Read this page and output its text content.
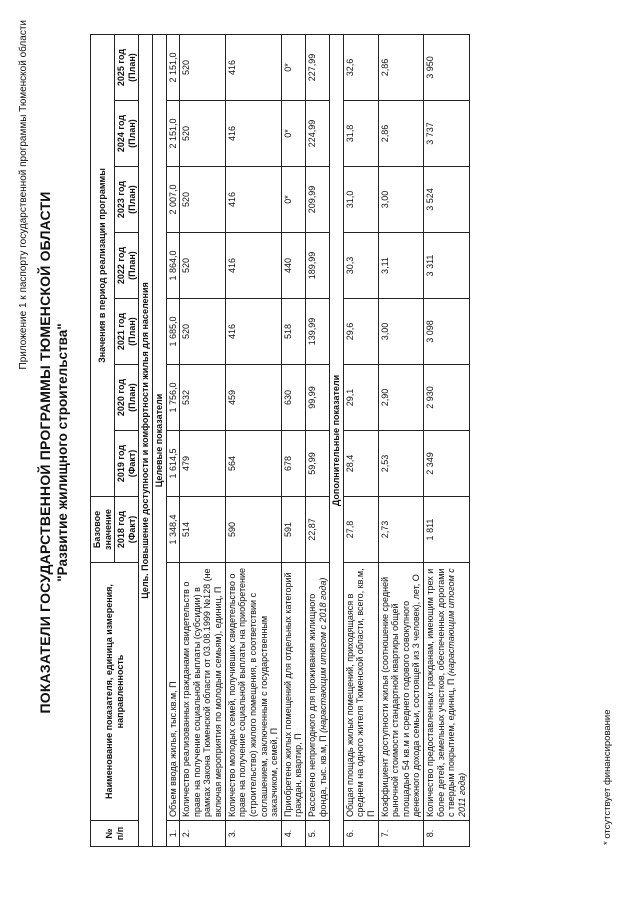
Приложение 1 к паспорту государственной программы Тюменской области ПОКАЗАТЕЛИ ГОСУДАРСТВЕННОЙ ПРОГРАММЫ ТЮМЕНСКОЙ ОБЛАСТИ "Развитие жилищного строительства"
№ п/п	Наименование показателя, единица измерения, направленность	Базовое значение	Значения в период реализации программы						
		2018 год (Факт)	2019 год (Факт)	2020 год (План)	2021 год (План)	2022 год (План)	2023 год (План)	2024 год (План)	2025 год (План)
Цель. Повышение доступности и комфортности жилья для населения									
Целевые показатели									
1.	Объем ввода жилья, тыс.кв.м, П	1 348,4	1 614,5	1 756,0	1 685,0	1 864,0	2 007,0	2 151,0	2 151,0
2.	Количество реализованных гражданами свидетельств о праве на получение социальной выплаты (субсидии) в рамках Закона Тюменской области от 03.08.1999 №128 (не включая мероприятия по молодым семьям), единиц, П	514	479	532	520	520	520	520	520
3.	Количество молодых семей, получивших свидетельство о праве на получение социальной выплаты на приобретение (строительство) жилого помещения, в соответствии с соглашением, заключенным с государственным заказчиком, семей, П	590	564	459	416	416	416	416	416
4.	Приобретено жилых помещений для отдельных категорий граждан, квартир, П	591	678	630	518	440	0*	0*	0*
5.	Расселено непригодного для проживания жилищного фонда, тыс. кв.м, П (нарастающим итогом с 2018 года)	22,87	59,99	99,99	139,99	189,99	209,99	224,99	227,99
Дополнительные показатели									
6.	Общая площадь жилых помещений, приходящаяся в среднем на одного жителя Тюменской области, всего, кв.м, П	27,8	28,4	29,1	29,6	30,3	31,0	31,8	32,6
7.	Коэффициент доступности жилья (соотношение средней рыночной стоимости стандартной квартиры общей площадью 54 кв.м и среднего годового совокупного денежного дохода семьи, состоящей из 3 человек), лет, О	2,73	2,53	2,90	3,00	3,11	3,00	2,86	2,86
8.	Количество предоставленных гражданам, имеющим трех и более детей, земельных участков, обеспеченных дорогами с твердым покрытием, единиц, П (нарастающим итогом с 2011 года)	1 811	2 349	2 930	3 098	3 311	3 524	3 737	3 950
* отсутствует финансирование
